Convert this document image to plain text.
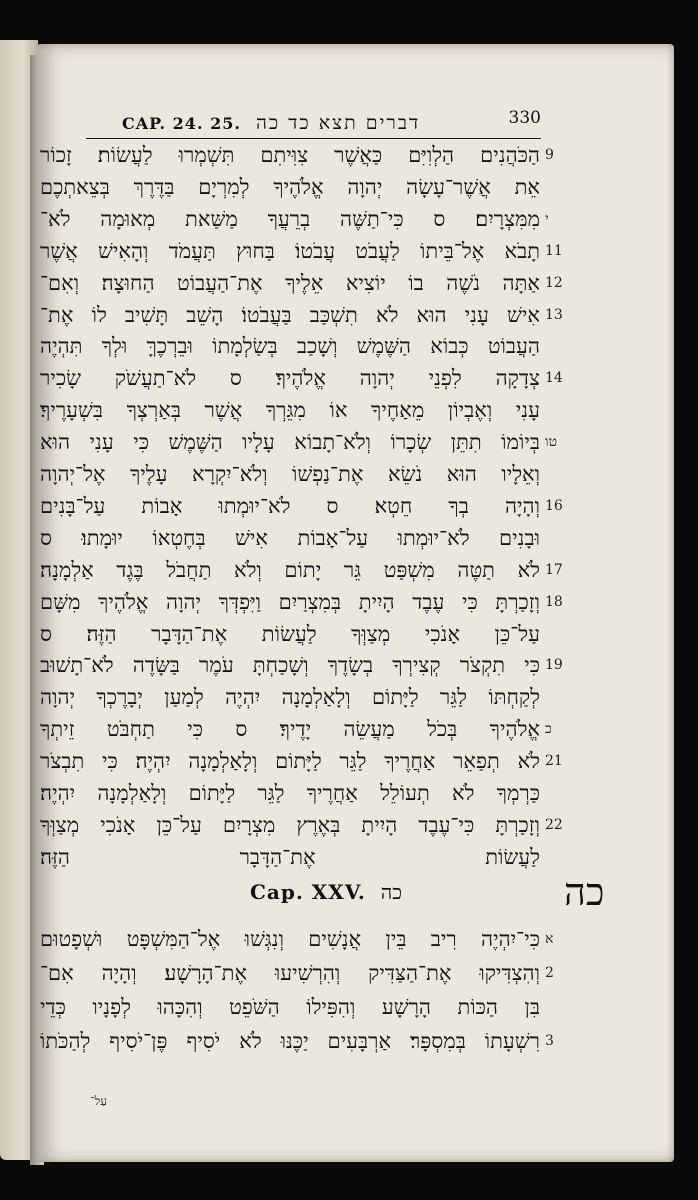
CAP. 24. 25. דברים תצא כד כה	330
הַכֹּהֲנִים הַלְוִיִּם כַּאֲשֶׁר צִוִּיתִם תִּשְׁמְרוּ לַעֲשׂוֹת׃ זָכוֹר 9
אֵת אֲשֶׁר־עָשָׂה יְהוָה אֱלֹהֶיךָ לְמִרְיָם בַּדֶּרֶךְ בְּצֵאתְכֶם
מִמִּצְרָיִם׃ ס כִּי־תַשֶּׁה בְרֵעֲךָ מַשַּׁאת מְאוּמָה לֹא־ י
תָבֹא אֶל־בֵּיתוֹ לַעֲבֹט עֲבֹטוֹ׃ בַּחוּץ תַּעֲמֹד וְהָאִישׁ אֲשֶׁר 11
אַתָּה נֹשֶׁה בוֹ יוֹצִיא אֵלֶיךָ אֶת־הַעֲבוֹט הַחוּצָה׃ וְאִם־ 12
אִישׁ עָנִי הוּא לֹא תִשְׁכַּב בַּעֲבֹטוֹ׃ הָשֵׁב תָּשִׁיב לוֹ אֶת־ 13
הַעֲבוֹט כְּבוֹא הַשֶּׁמֶשׁ וְשָׁכַב בְּשַׂלְמָתוֹ וּבֵרְכֶךָּ וּלְךָ תִּהְיֶה
צְדָקָה לִפְנֵי יְהוָה אֱלֹהֶיךָ׃ ס לֹא־תַעֲשֹׁק שָׂכִיר 14
עָנִי וְאֶבְיוֹן מֵאַחֶיךָ אוֹ מִגֵּרְךָ אֲשֶׁר בְּאַרְצְךָ בִּשְׁעָרֶיךָ׃
בְּיוֹמוֹ תִתֵּן שְׂכָרוֹ וְלֹא־תָבוֹא עָלָיו הַשֶּׁמֶשׁ כִּי עָנִי הוּא טו
וְאֵלָיו הוּא נֹשֵׂא אֶת־נַפְשׁוֹ וְלֹא־יִקְרָא עָלֶיךָ אֶל־יְהוָה
וְהָיָה בְךָ חֵטְא׃ ס לֹא־יוּמְתוּ אָבוֹת עַל־בָּנִים 16
וּבָנִים לֹא־יוּמְתוּ עַל־אָבוֹת אִישׁ בְּחֶטְאוֹ יוּמָתוּ׃ ס
לֹא תַטֶּה מִשְׁפַּט גֵּר יָתוֹם וְלֹא תַחֲבֹל בֶּגֶד אַלְמָנָה׃ 17
וְזָכַרְתָּ כִּי עֶבֶד הָיִיתָ בְּמִצְרַיִם וַיִּפְדְּךָ יְהוָה אֱלֹהֶיךָ מִשָּׁם 18
עַל־כֵּן אָנֹכִי מְצַוְּךָ לַעֲשׂוֹת אֶת־הַדָּבָר הַזֶּה׃ ס
כִּי תִקְצֹר קְצִירְךָ בְשָׂדֶךָ וְשָׁכַחְתָּ עֹמֶר בַּשָּׂדֶה לֹא־תָשׁוּב 19
לְקַחְתּוֹ לַגֵּר לַיָּתוֹם וְלָאַלְמָנָה יִהְיֶה לְמַעַן יְבָרֶכְךָ יְהוָה
אֱלֹהֶיךָ בְּכֹל מַעֲשֵׂה יָדֶיךָ׃ ס כִּי תַחְבֹּט זֵיתְךָ כ
לֹא תְפַאֵר אַחֲרֶיךָ לַגֵּר לַיָּתוֹם וְלָאַלְמָנָה יִהְיֶה׃ כִּי תִבְצֹר 21
כַּרְמְךָ לֹא תְעוֹלֵל אַחֲרֶיךָ לַגֵּר לַיָּתוֹם וְלָאַלְמָנָה יִהְיֶה׃
וְזָכַרְתָּ כִּי־עֶבֶד הָיִיתָ בְּאֶרֶץ מִצְרָיִם עַל־כֵּן אָנֹכִי מְצַוְּךָ 22
לַעֲשׂוֹת אֶת־הַדָּבָר הַזֶּה׃
כה
Cap. XXV. כה
כִּי־יִהְיֶה רִיב בֵּין אֲנָשִׁים וְנִגְּשׁוּ אֶל־הַמִּשְׁפָּט וּשְׁפָטוּם א
וְהִצְדִּיקוּ אֶת־הַצַּדִּיק וְהִרְשִׁיעוּ אֶת־הָרָשָׁע׃ וְהָיָה אִם־ 2
בִּן הַכּוֹת הָרָשָׁע וְהִפִּילוֹ הַשֹּׁפֵט וְהִכָּהוּ לְפָנָיו כְּדֵי
רִשְׁעָתוֹ בְּמִסְפָּר׃ אַרְבָּעִים יַכֶּנּוּ לֹא יֹסִיף פֶּן־יֹסִיף לְהַכֹּתוֹ 3
עַל־
